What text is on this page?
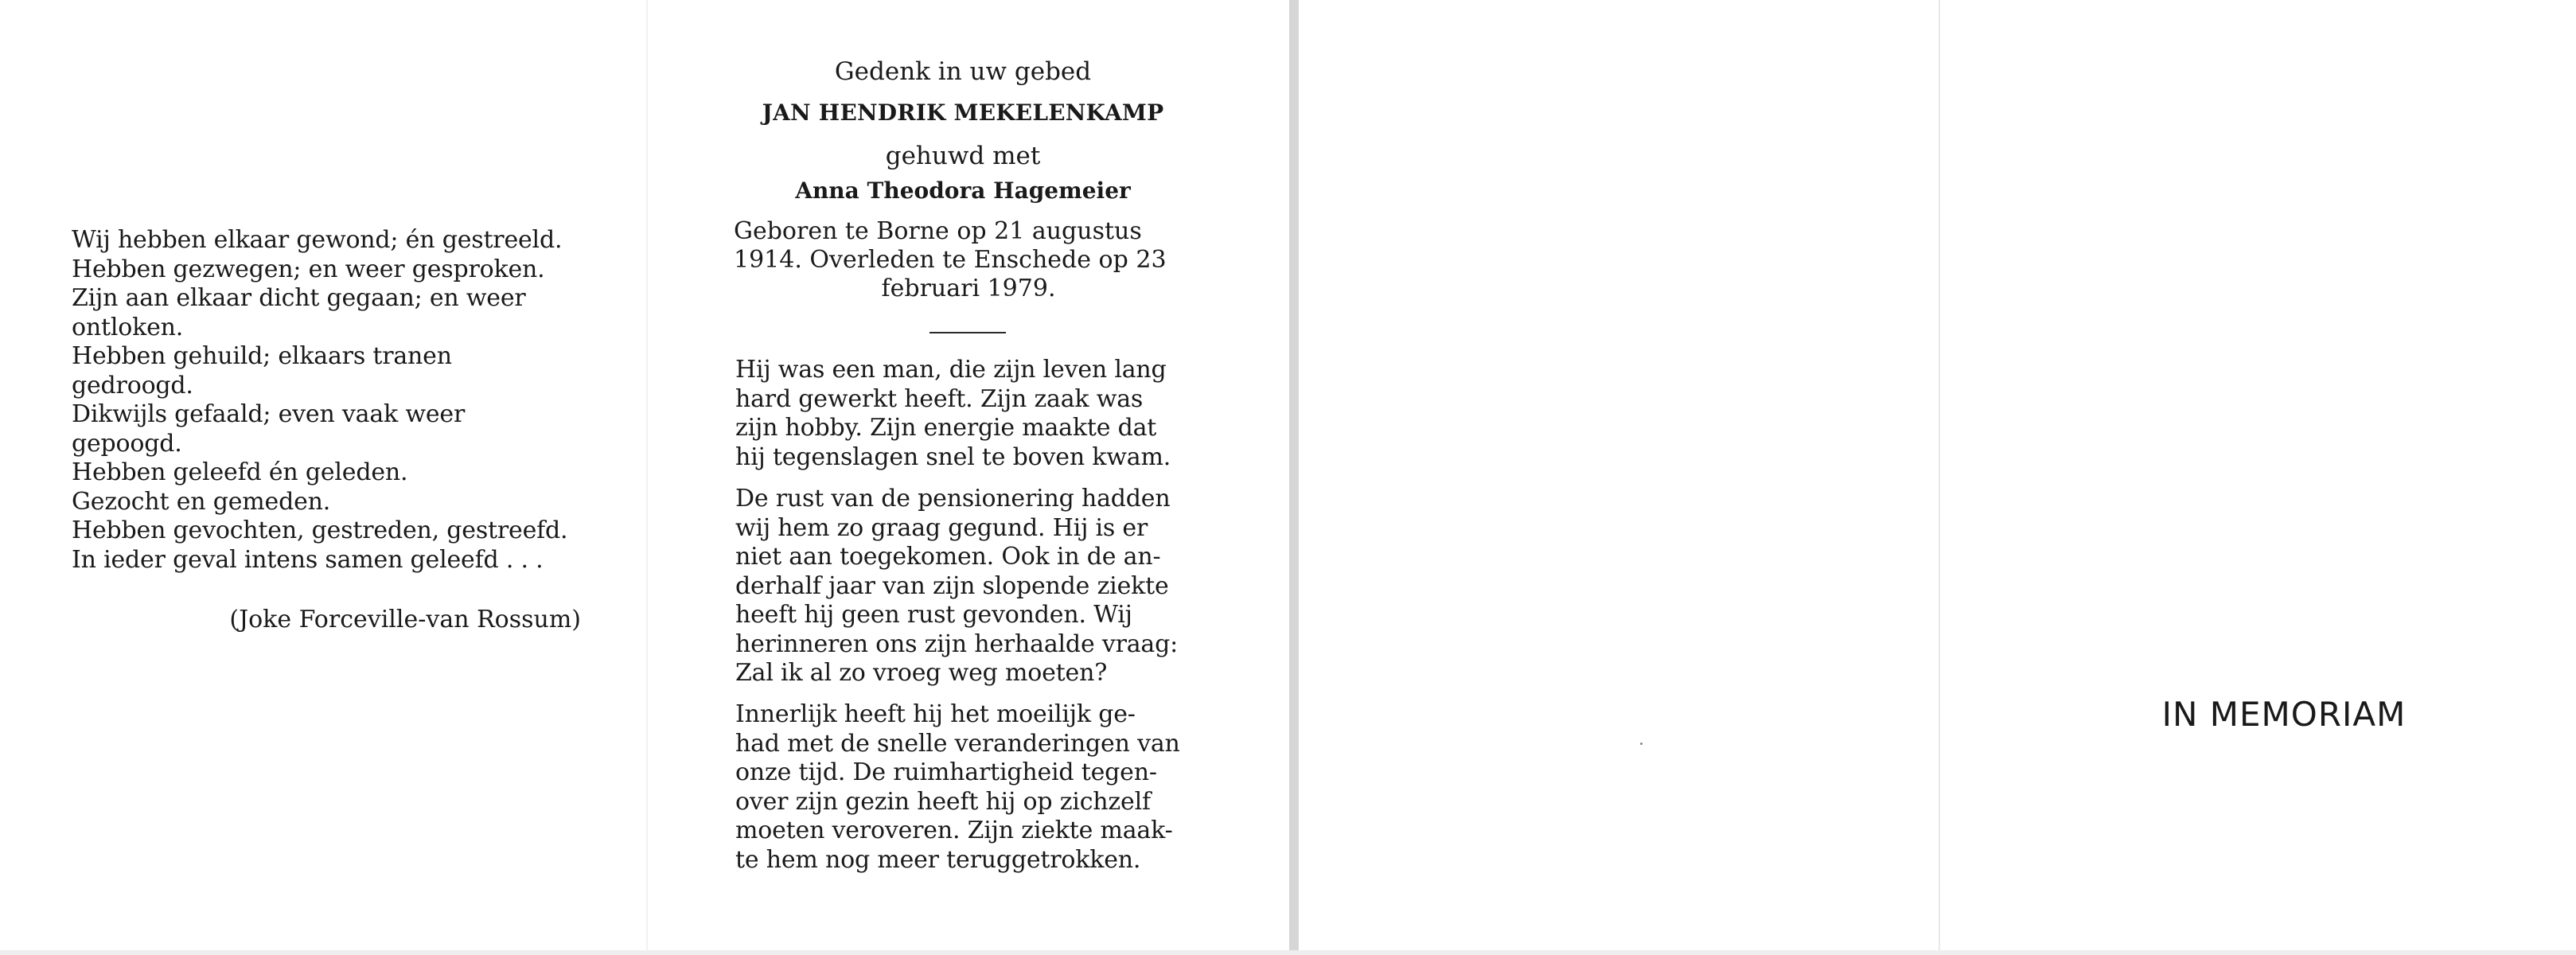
Wij hebben elkaar gewond; én gestreeld.
Hebben gezwegen; en weer gesproken.
Zijn aan elkaar dicht gegaan; en weer
ontloken.
Hebben gehuild; elkaars tranen
gedroogd.
Dikwijls gefaald; even vaak weer
gepoogd.
Hebben geleefd én geleden.
Gezocht en gemeden.
Hebben gevochten, gestreden, gestreefd.
In ieder geval intens samen geleefd . . .
(Joke Forceville-van Rossum)
Gedenk in uw gebed
JAN HENDRIK MEKELENKAMP
gehuwd met
Anna Theodora Hagemeier
Geboren te Borne op 21 augustus
1914. Overleden te Enschede op 23
februari 1979.
Hij was een man, die zijn leven lang
hard gewerkt heeft. Zijn zaak was
zijn hobby. Zijn energie maakte dat
hij tegenslagen snel te boven kwam.
De rust van de pensionering hadden
wij hem zo graag gegund. Hij is er
niet aan toegekomen. Ook in de an-
derhalf jaar van zijn slopende ziekte
heeft hij geen rust gevonden. Wij
herinneren ons zijn herhaalde vraag:
Zal ik al zo vroeg weg moeten?
Innerlijk heeft hij het moeilijk ge-
had met de snelle veranderingen van
onze tijd. De ruimhartigheid tegen-
over zijn gezin heeft hij op zichzelf
moeten veroveren. Zijn ziekte maak-
te hem nog meer teruggetrokken.
IN MEMORIAM
